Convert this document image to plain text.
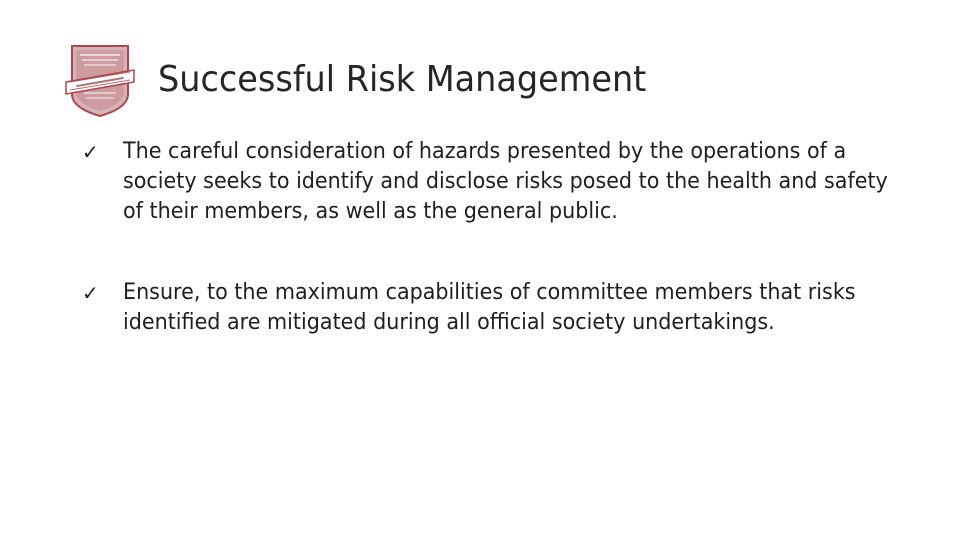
Successful Risk Management
✓ The careful consideration of hazards presented by the operations of a society seeks to identify and disclose risks posed to the health and safety of their members, as well as the general public.
✓ Ensure, to the maximum capabilities of committee members that risks identified are mitigated during all official society undertakings.
